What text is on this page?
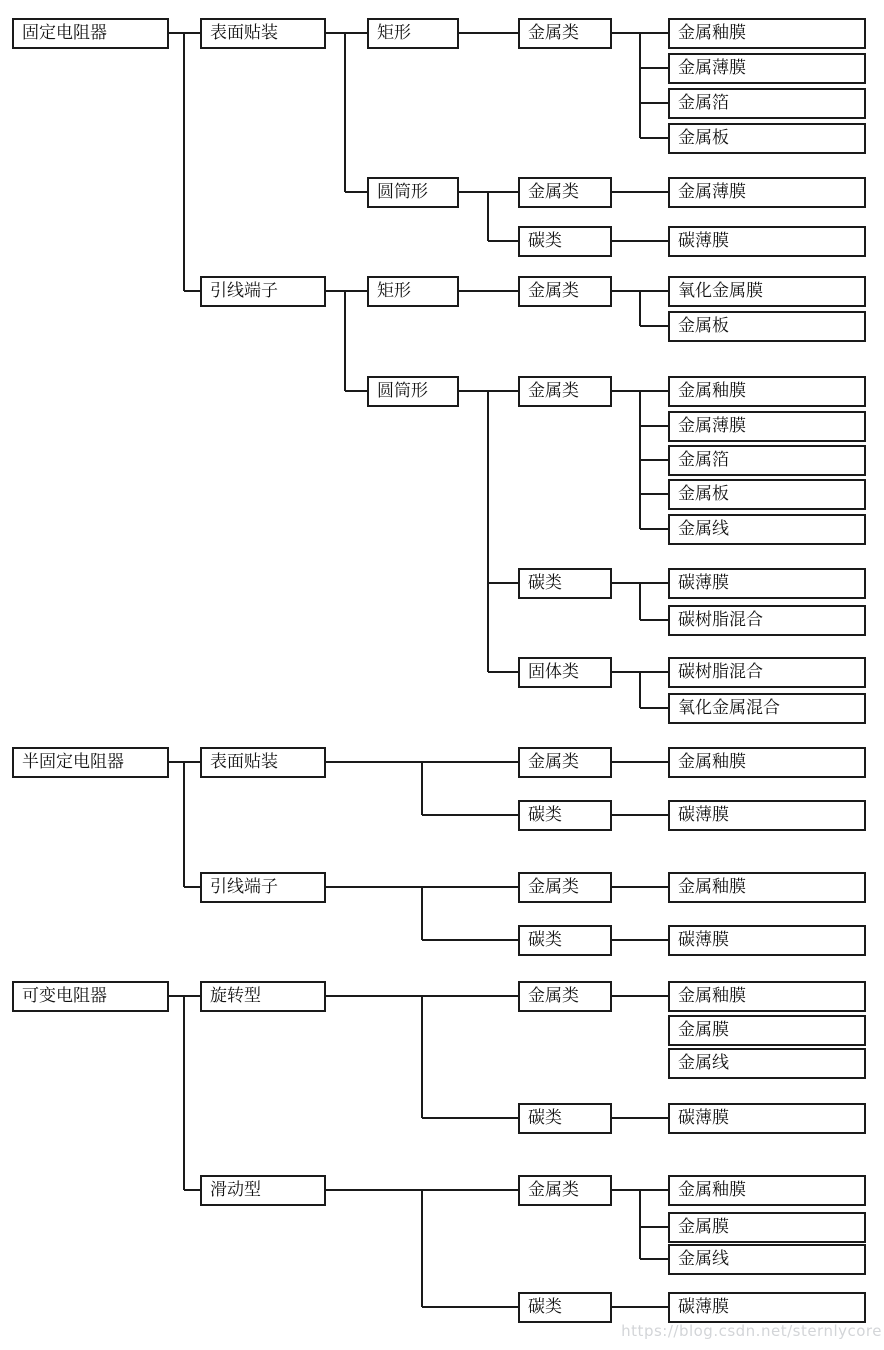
固定电阻器	表面贴装	矩形	金属类	金属釉膜
金属薄膜
金属箔
金属板
圆筒形	金属类	金属薄膜
碳类	碳薄膜
引线端子	矩形	金属类	氧化金属膜
金属板
圆筒形	金属类	金属釉膜
金属薄膜
金属箔
金属板
金属线
碳类	碳薄膜
碳树脂混合
固体类	碳树脂混合
氧化金属混合
半固定电阻器	表面贴装	金属类	金属釉膜
碳类	碳薄膜
引线端子	金属类	金属釉膜
碳类	碳薄膜
可变电阻器	旋转型	金属类	金属釉膜
金属膜
金属线
碳类	碳薄膜
滑动型	金属类	金属釉膜
金属膜
金属线
碳类	碳薄膜
https://blog.csdn.net/sternlycore
